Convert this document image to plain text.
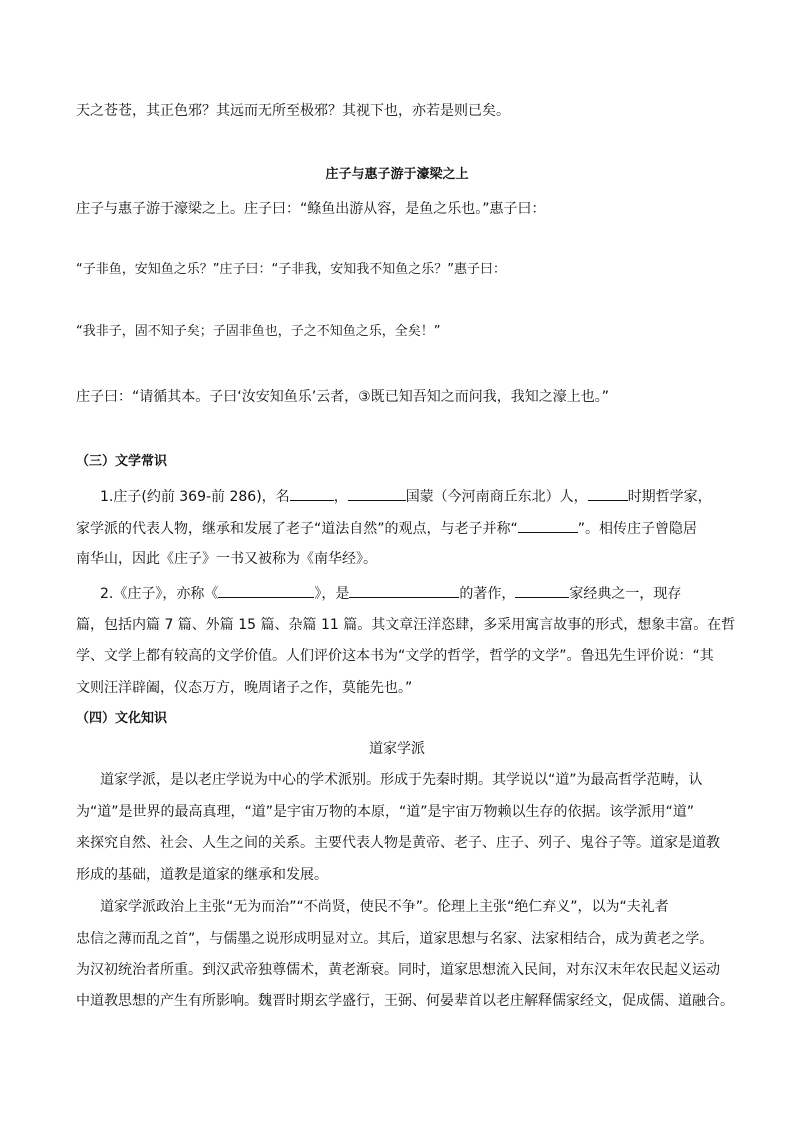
天之苍苍，其正色邪？其远而无所至极邪？其视下也，亦若是则已矣。
庄子与惠子游于濠梁之上
庄子与惠子游于濠梁之上。庄子曰：“鲦鱼出游从容，是鱼之乐也。”惠子曰：
“子非鱼，安知鱼之乐？”庄子曰：“子非我，安知我不知鱼之乐？”惠子曰：
“我非子，固不知子矣；子固非鱼也，子之不知鱼之乐，全矣！”
庄子曰：“请循其本。子曰‘汝安知鱼乐’云者，③既已知吾知之而问我，我知之濠上也。”
（三）文学常识
1.庄子(约前 369-前 286)，名	，	国蒙（今河南商丘东北）人，	时期哲学家，
家学派的代表人物，继承和发展了老子“道法自然”的观点，与老子并称“	”。相传庄子曾隐居
南华山，因此《庄子》一书又被称为《南华经》。
2.《庄子》，亦称《	》，是	的著作，	家经典之一，现存
篇，包括内篇 7 篇、外篇 15 篇、杂篇 11 篇。其文章汪洋恣肆，多采用寓言故事的形式，想象丰富。在哲
学、文学上都有较高的文学价值。人们评价这本书为“文学的哲学，哲学的文学”。鲁迅先生评价说：“其
文则汪洋辟阖，仪态万方，晚周诸子之作，莫能先也。”
（四）文化知识
道家学派
道家学派，是以老庄学说为中心的学术派别。形成于先秦时期。其学说以“道”为最高哲学范畴，认
为“道”是世界的最高真理，“道”是宇宙万物的本原，“道”是宇宙万物赖以生存的依据。该学派用“道”
来探究自然、社会、人生之间的关系。主要代表人物是黄帝、老子、庄子、列子、鬼谷子等。道家是道教
形成的基础，道教是道家的继承和发展。
道家学派政治上主张“无为而治”“不尚贤，使民不争”。伦理上主张“绝仁弃义”，以为“夫礼者
忠信之薄而乱之首”，与儒墨之说形成明显对立。其后，道家思想与名家、法家相结合，成为黄老之学。
为汉初统治者所重。到汉武帝独尊儒术，黄老渐衰。同时，道家思想流入民间，对东汉末年农民起义运动
中道教思想的产生有所影响。魏晋时期玄学盛行，王弼、何晏辈首以老庄解释儒家经文，促成儒、道融合。
